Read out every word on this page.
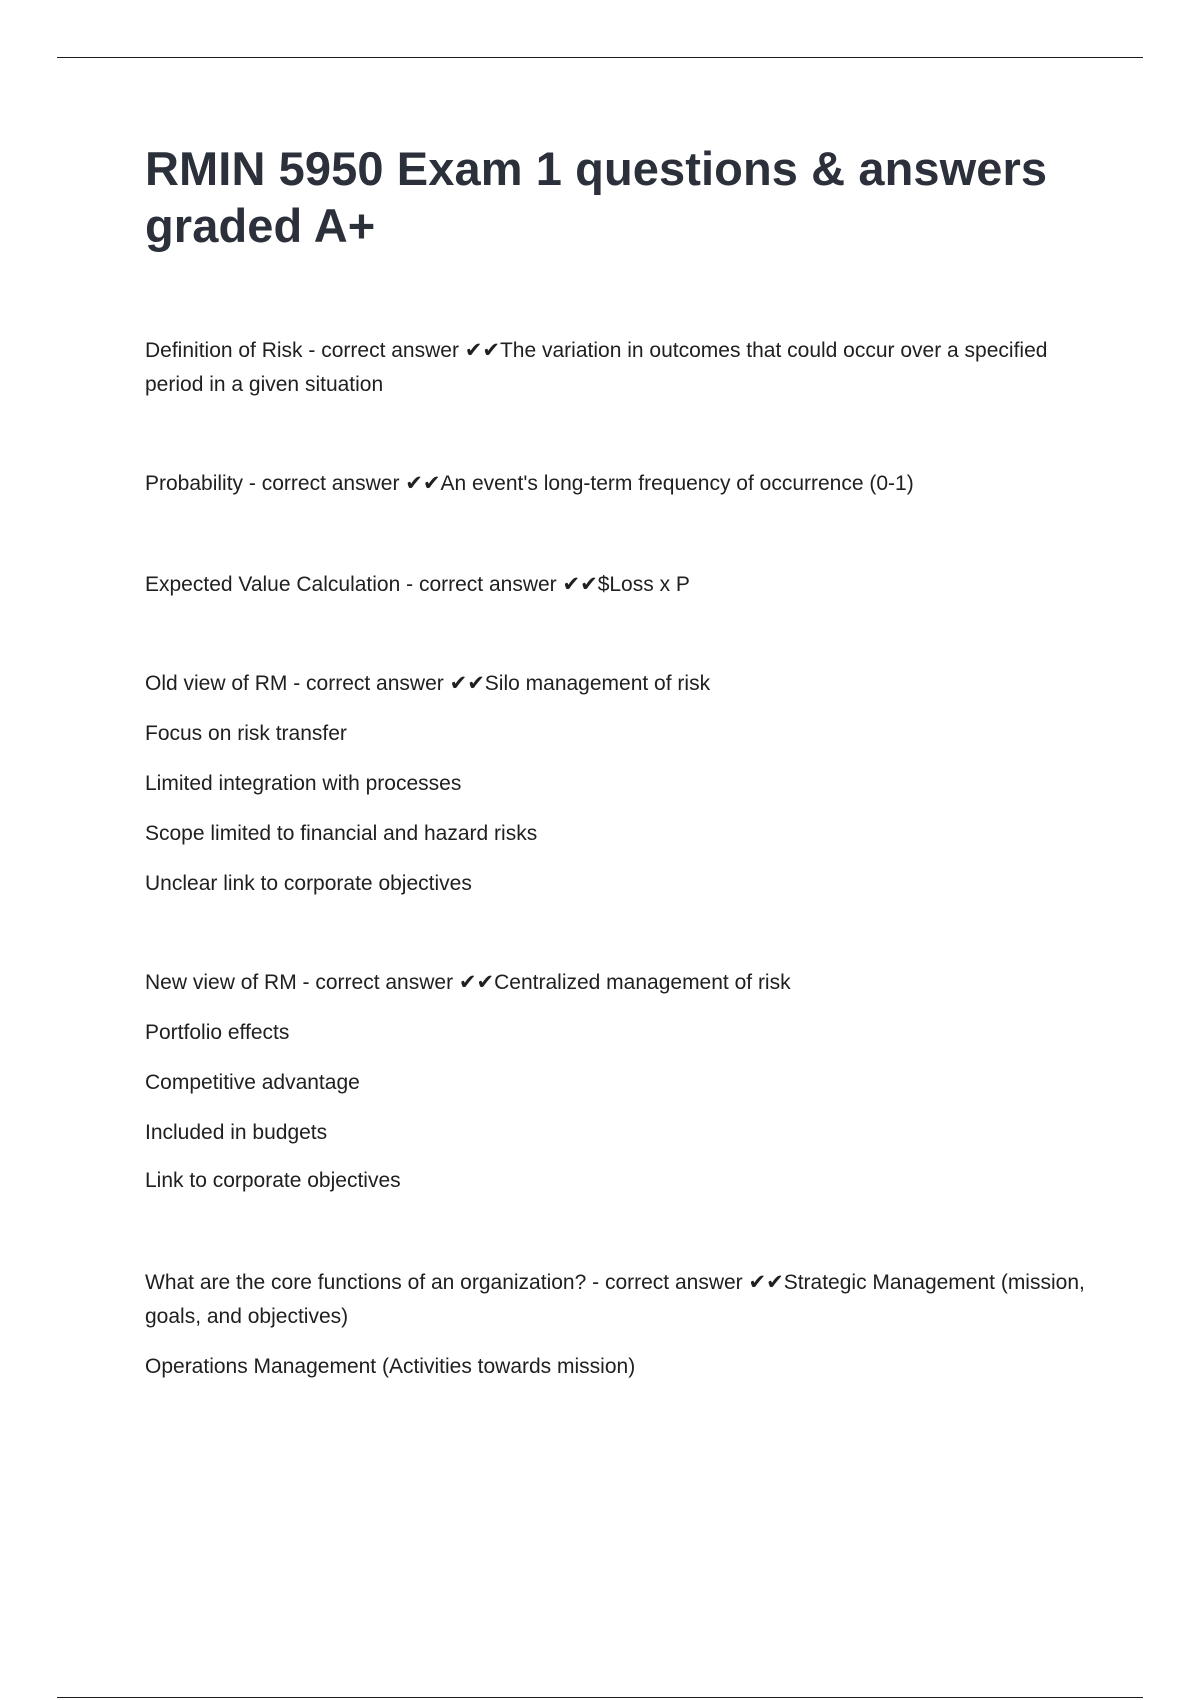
RMIN 5950 Exam 1 questions & answers graded A+

Definition of Risk - correct answer ✔✔The variation in outcomes that could occur over a specified period in a given situation

Probability - correct answer ✔✔An event's long-term frequency of occurrence (0-1)

Expected Value Calculation - correct answer ✔✔$Loss x P

Old view of RM - correct answer ✔✔Silo management of risk

Focus on risk transfer

Limited integration with processes

Scope limited to financial and hazard risks

Unclear link to corporate objectives

New view of RM - correct answer ✔✔Centralized management of risk

Portfolio effects

Competitive advantage

Included in budgets

Link to corporate objectives

What are the core functions of an organization? - correct answer ✔✔Strategic Management (mission, goals, and objectives)

Operations Management (Activities towards mission)
